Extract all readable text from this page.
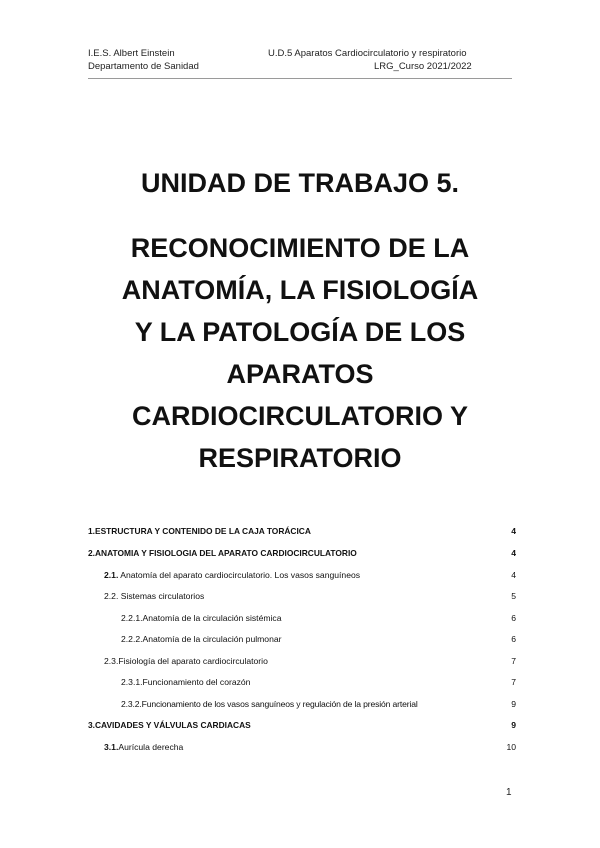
I.E.S. Albert Einstein
Departamento de Sanidad
U.D.5 Aparatos Cardiocirculatorio y respiratorio
LRG_Curso 2021/2022
UNIDAD DE TRABAJO 5.
RECONOCIMIENTO DE LA
ANATOMÍA, LA FISIOLOGÍA
Y LA PATOLOGÍA DE LOS
APARATOS
CARDIOCIRCULATORIO Y
RESPIRATORIO
1.ESTRUCTURA Y CONTENIDO DE LA CAJA TORÁCICA	4
2.ANATOMIA Y FISIOLOGIA DEL APARATO CARDIOCIRCULATORIO	4
2.1. Anatomía del aparato cardiocirculatorio. Los vasos sanguíneos	4
2.2. Sistemas circulatorios	5
2.2.1.Anatomía de la circulación sistémica	6
2.2.2.Anatomía de la circulación pulmonar	6
2.3.Fisiología del aparato cardiocirculatorio	7
2.3.1.Funcionamiento del corazón	7
2.3.2.Funcionamiento de los vasos sanguíneos y regulación de la presión arterial	9
3.CAVIDADES Y VÁLVULAS CARDIACAS	9
3.1.Aurícula derecha	10
1
